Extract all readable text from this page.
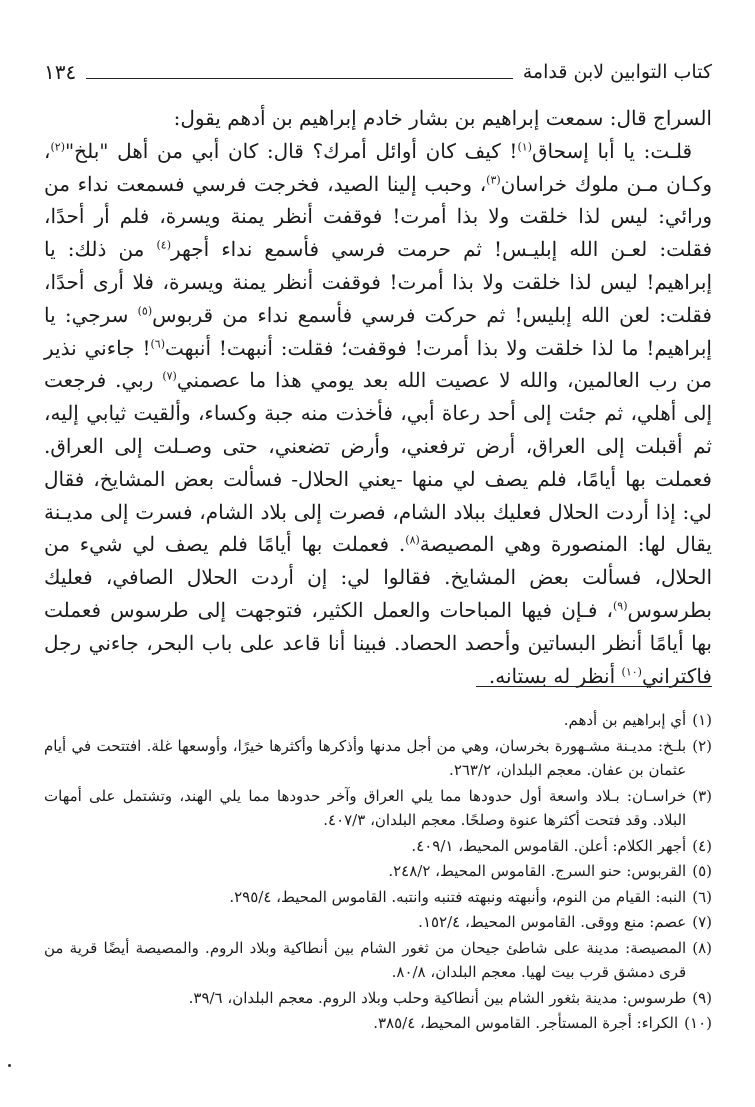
كتاب التوابين لابن قدامة
١٣٤

السراج قال: سمعت إبراهيم بن بشار خادم إبراهيم بن أدهم يقول:

قلـت: يا أبا إسحاق$^{(١)}$! كيف كان أوائل أمرك؟ قال: كان أبي من أهل "بلخ"$^{(٢)}$، وكـان مـن ملوك خراسان$^{(٣)}$، وحبب إلينا الصيد، فخرجت فرسي فسمعت نداء من ورائي: ليس لذا خلقت ولا بذا أمرت! فوقفت أنظر يمنة ويسرة، فلم أر أحدًا، فقلت: لعـن الله إبليـس! ثم حرمت فرسي فأسمع نداء أجهر$^{(٤)}$ من ذلك: يا إبراهيم! ليس لذا خلقت ولا بذا أمرت! فوقفت أنظر يمنة ويسرة، فلا أرى أحدًا، فقلت: لعن الله إبليس! ثم حركت فرسي فأسمع نداء من قربوس$^{(٥)}$ سرجي: يا إبراهيم! ما لذا خلقت ولا بذا أمرت! فوقفت؛ فقلت: أنبهت! أنبهت$^{(٦)}$! جاءني نذير من رب العالمين، والله لا عصيت الله بعد يومي هذا ما عصمني$^{(٧)}$ ربي. فرجعت إلى أهلي، ثم جئت إلى أحد رعاة أبي، فأخذت منه جبة وكساء، وألقيت ثيابي إليه، ثم أقبلت إلى العراق، أرض ترفعني، وأرض تضعني، حتى وصـلت إلى العراق. فعملت بها أيامًا، فلم يصف لي منها -يعني الحلال- فسألت بعض المشايخ، فقال لي: إذا أردت الحلال فعليك ببلاد الشام، فصرت إلى بلاد الشام، فسرت إلى مديـنة يقال لها: المنصورة وهي المصيصة$^{(٨)}$. فعملت بها أيامًا فلم يصف لي شيء من الحلال، فسألت بعض المشايخ. فقالوا لي: إن أردت الحلال الصافي، فعليك بطرسوس$^{(٩)}$، فـإن فيها المباحات والعمل الكثير، فتوجهت إلى طرسوس فعملت بها أيامًا أنظر البساتين وأحصد الحصاد. فبينا أنا قاعد على باب البحر، جاءني رجل فاكتراني$^{(١٠)}$ أنظر له بستانه.

(١)
أي إبراهيم بن أدهم.
(٢)
بلـخ: مديـنة مشـهورة بخرسان، وهي من أجل مدنها وأذكرها وأكثرها خيرًا، وأوسعها غلة. افتتحت في أيام عثمان بن عفان. معجم البلدان، ٢٦٣/٢.
(٣)
خراسـان: بـلاد واسعة أول حدودها مما يلي العراق وآخر حدودها مما يلي الهند، وتشتمل على أمهات البلاد. وقد فتحت أكثرها عنوة وصلحًا. معجم البلدان، ٤٠٧/٣.
(٤)
أجهر الكلام: أعلن. القاموس المحيط، ٤٠٩/١.
(٥)
القربوس: حنو السرج. القاموس المحيط، ٢٤٨/٢.
(٦)
النبه: القيام من النوم، وأنبهته ونبهته فتنبه وانتبه. القاموس المحيط، ٢٩٥/٤.
(٧)
عصم: منع ووقى. القاموس المحيط، ١٥٢/٤.
(٨)
المصيصة: مدينة على شاطئ جيحان من ثغور الشام بين أنطاكية وبلاد الروم. والمصيصة أيضًا قرية من قرى دمشق قرب بيت لهيا. معجم البلدان، ٨٠/٨.
(٩)
طرسوس: مدينة بثغور الشام بين أنطاكية وحلب وبلاد الروم. معجم البلدان، ٣٩/٦.
(١٠)
الكراء: أجرة المستأجر. القاموس المحيط، ٣٨٥/٤.
